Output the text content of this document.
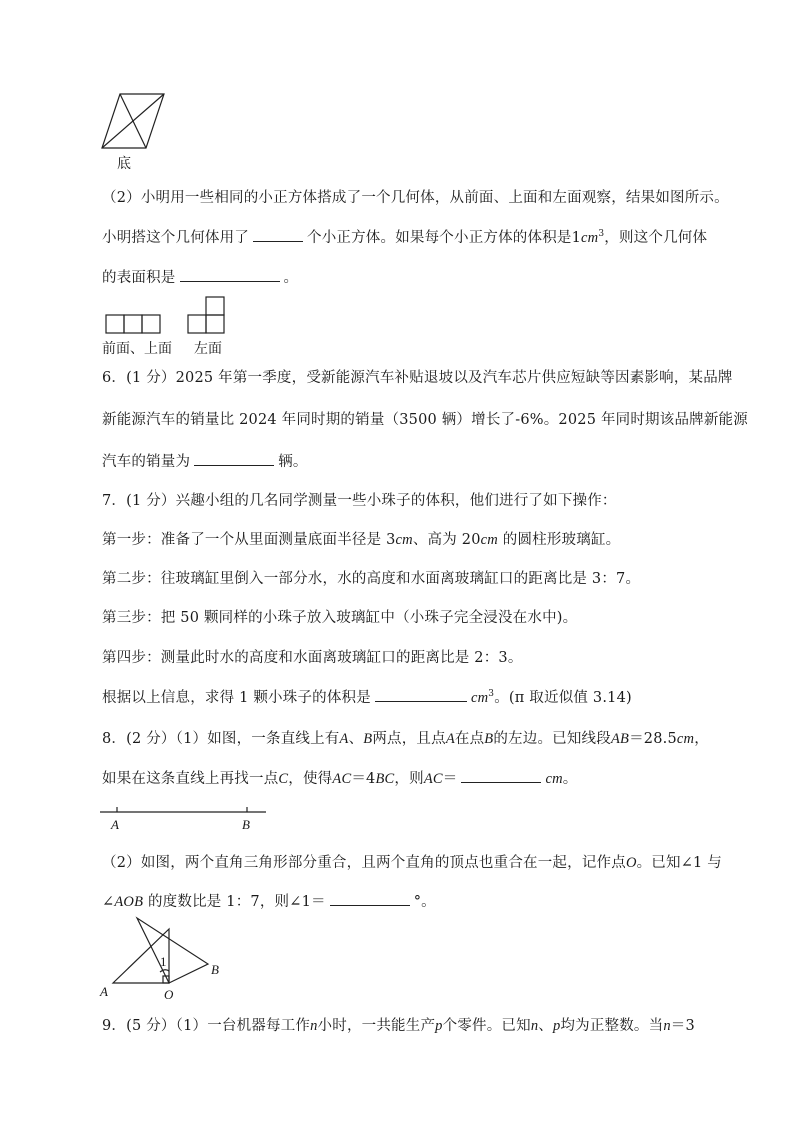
底
（2）小明用一些相同的小正方体搭成了一个几何体，从前面、上面和左面观察，结果如图所示。
小明搭这个几何体用了	个小正方体。如果每个小正方体的体积是$1cm^3$，则这个几何体
的表面积是	。
前面、上面 左面
6．(1 分）2025 年第一季度，受新能源汽车补贴退坡以及汽车芯片供应短缺等因素影响，某品牌
新能源汽车的销量比 2024 年同时期的销量（3500 辆）增长了-6%。2025 年同时期该品牌新能源
汽车的销量为	辆。
7．(1 分）兴趣小组的几名同学测量一些小珠子的体积，他们进行了如下操作：
第一步：准备了一个从里面测量底面半径是 3cm、高为 20cm 的圆柱形玻璃缸。
第二步：往玻璃缸里倒入一部分水，水的高度和水面离玻璃缸口的距离比是 3：7。
第三步：把 50 颗同样的小珠子放入玻璃缸中（小珠子完全浸没在水中)。
第四步：测量此时水的高度和水面离玻璃缸口的距离比是 2：3。
根据以上信息，求得 1 颗小珠子的体积是	$cm^3$。(π 取近似值 3.14)
8．(2 分）（1）如图，一条直线上有A、B两点，且点A在点B的左边。已知线段AB＝28.5cm，
如果在这条直线上再找一点C，使得AC＝4BC，则AC＝	cm。
A	B
（2）如图，两个直角三角形部分重合，且两个直角的顶点也重合在一起，记作点O。已知∠1 与
∠AOB 的度数比是 1：7，则∠1＝	°。
1
A	O
B
9．(5 分）（1）一台机器每工作n小时，一共能生产p个零件。已知n、p均为正整数。当n＝3
